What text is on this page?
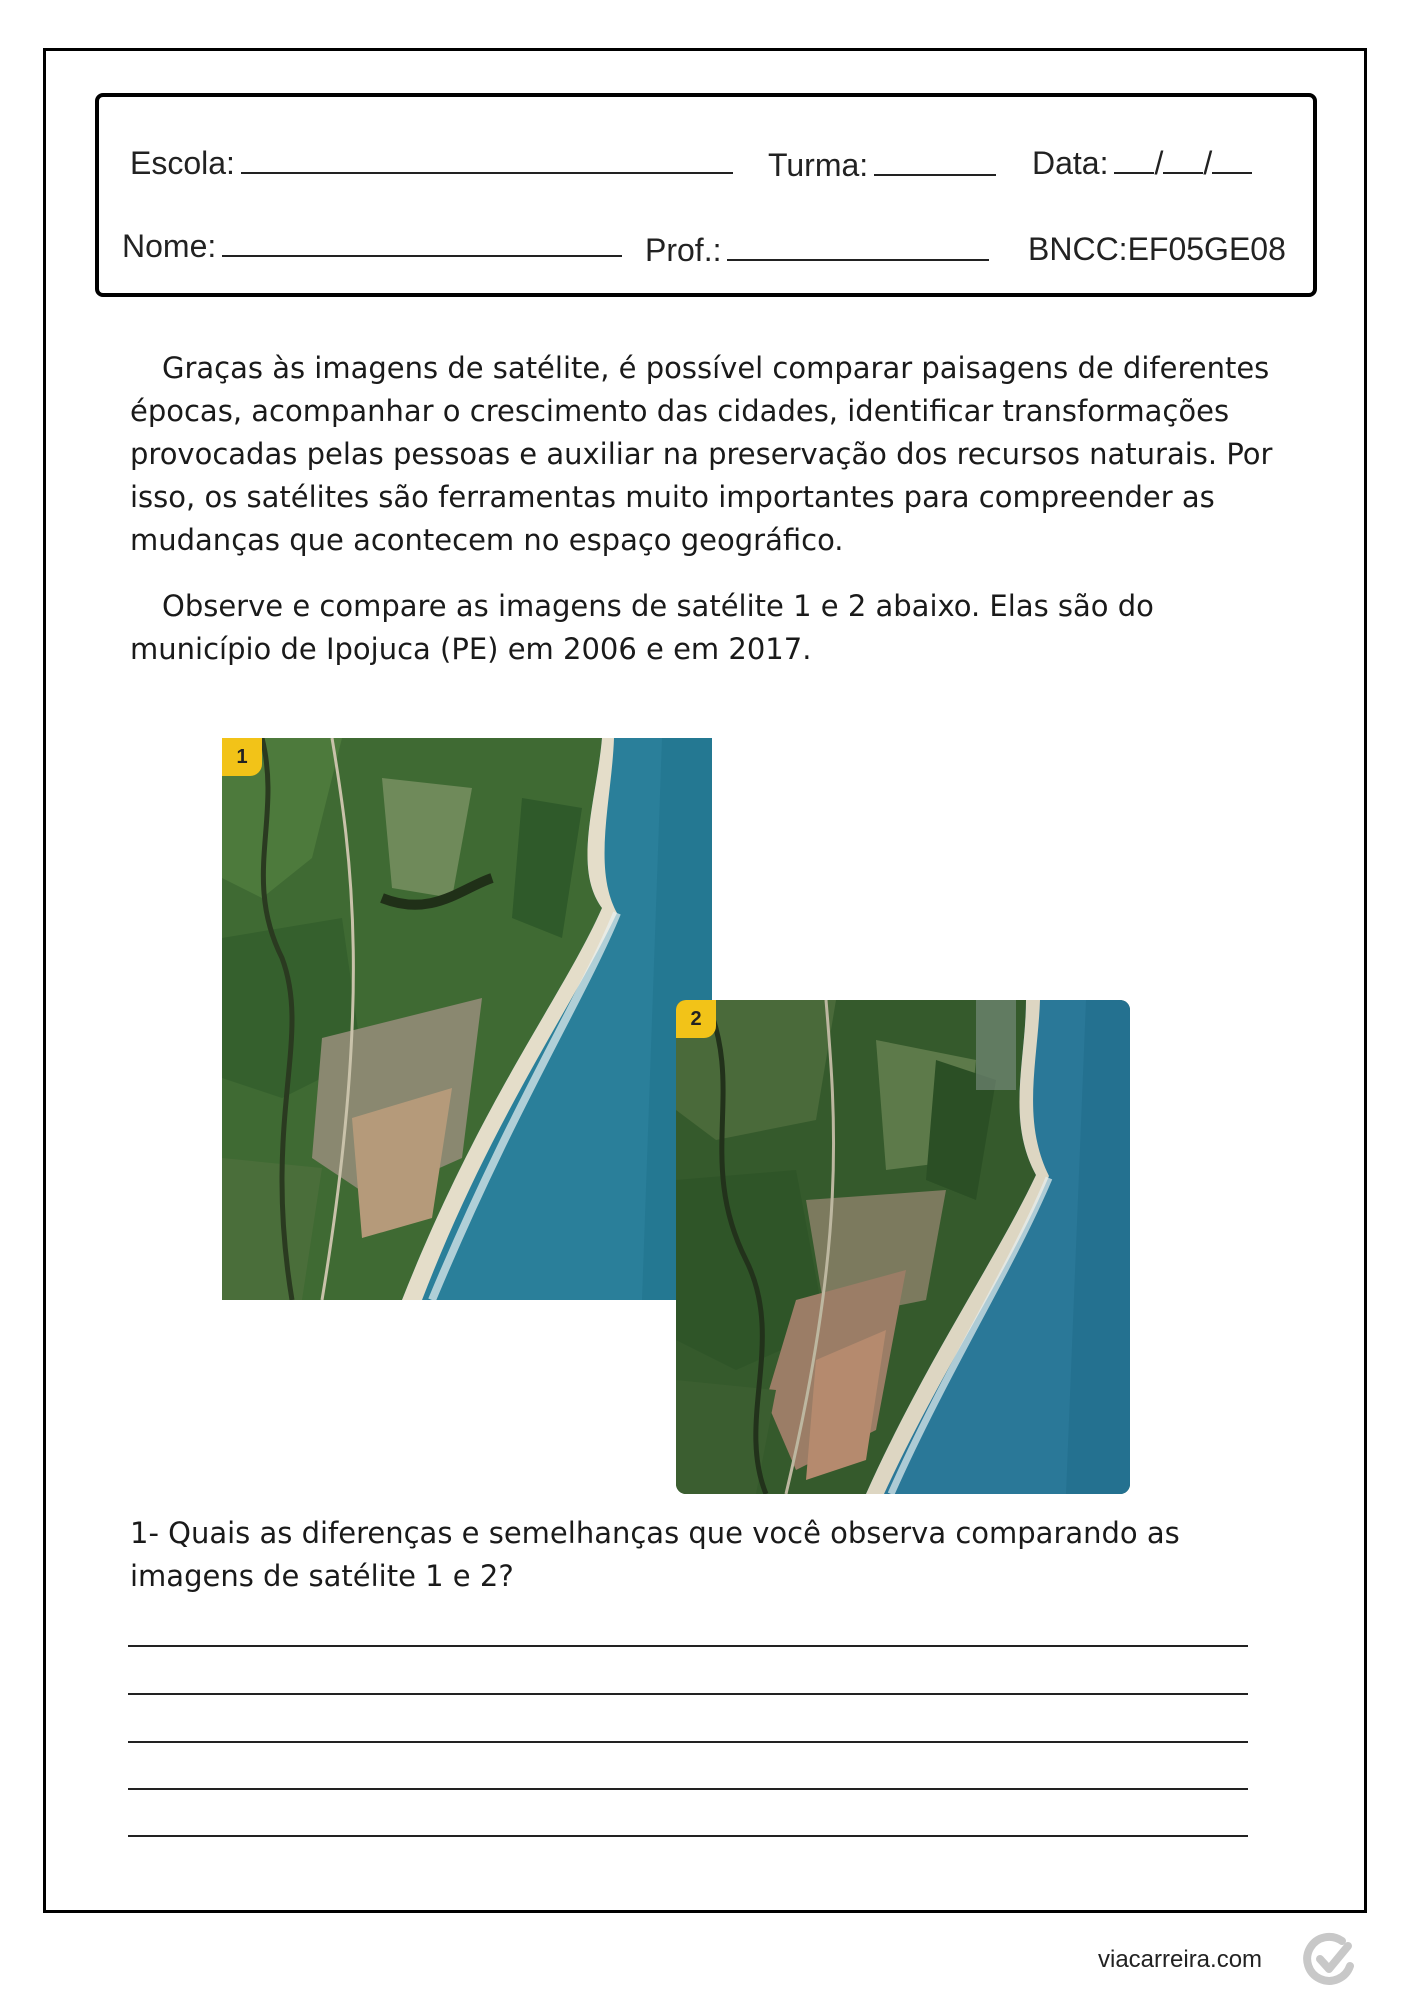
Escola:	Turma:	Data: / /
Nome:	Prof.:	BNCC:EF05GE08
Graças às imagens de satélite, é possível comparar paisagens de diferentes épocas, acompanhar o crescimento das cidades, identificar transformações provocadas pelas pessoas e auxiliar na preservação dos recursos naturais. Por isso, os satélites são ferramentas muito importantes para compreender as mudanças que acontecem no espaço geográfico.
Observe e compare as imagens de satélite 1 e 2 abaixo. Elas são do município de Ipojuca (PE) em 2006 e em 2017.
1
2
1- Quais as diferenças e semelhanças que você observa comparando as imagens de satélite 1 e 2?
viacarreira.com
